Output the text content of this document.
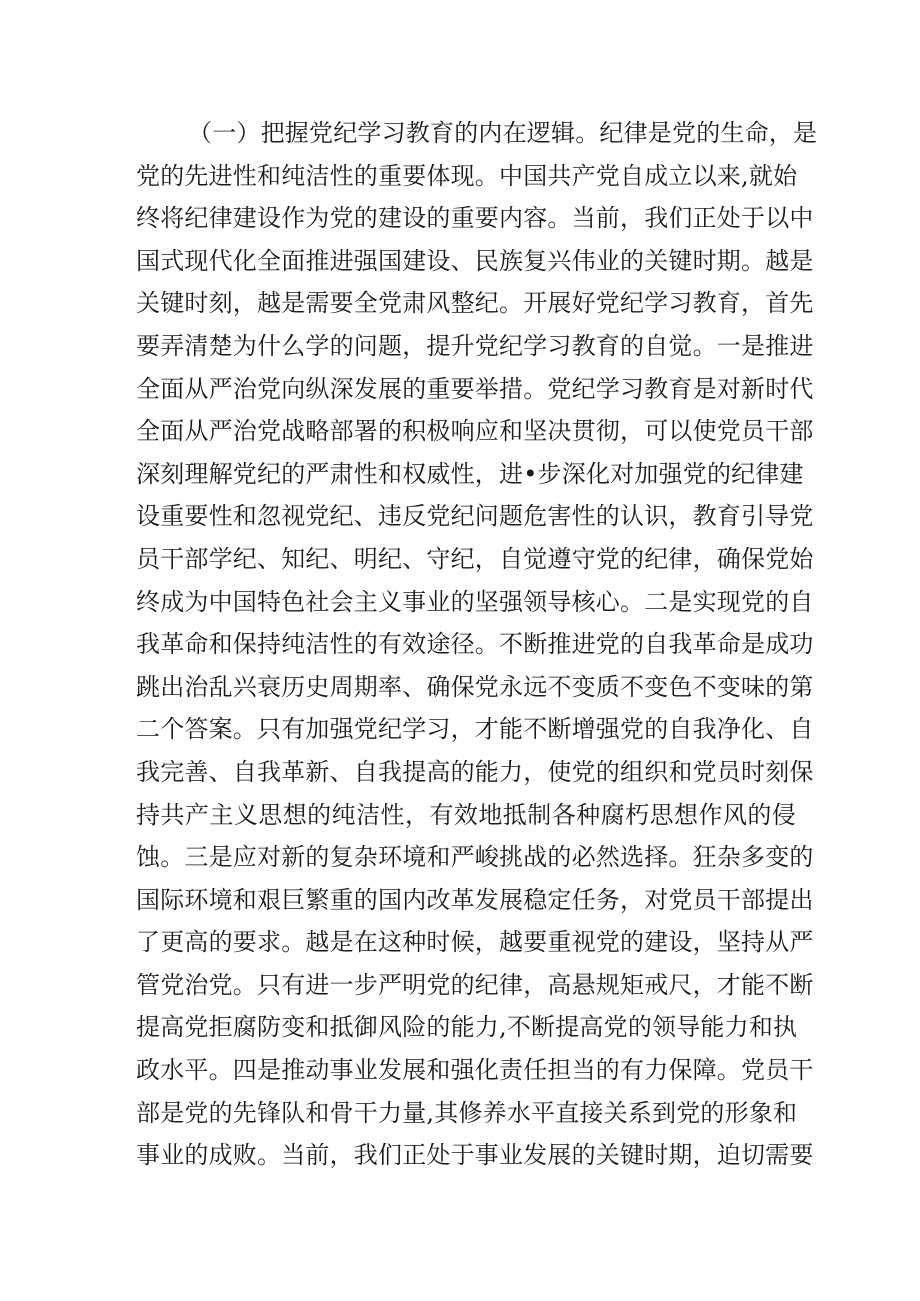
（一）把握党纪学习教育的内在逻辑。纪律是党的生命，是
党的先进性和纯洁性的重要体现。中国共产党自成立以来,就始
终将纪律建设作为党的建设的重要内容。当前，我们正处于以中
国式现代化全面推进强国建设、民族复兴伟业的关键时期。越是
关键时刻，越是需要全党肃风整纪。开展好党纪学习教育，首先
要弄清楚为什么学的问题，提升党纪学习教育的自觉。一是推进
全面从严治党向纵深发展的重要举措。党纪学习教育是对新时代
全面从严治党战略部署的积极响应和坚决贯彻，可以使党员干部
深刻理解党纪的严肃性和权威性，进•步深化对加强党的纪律建
设重要性和忽视党纪、违反党纪问题危害性的认识，教育引导党
员干部学纪、知纪、明纪、守纪，自觉遵守党的纪律，确保党始
终成为中国特色社会主义事业的坚强领导核心。二是实现党的自
我革命和保持纯洁性的有效途径。不断推进党的自我革命是成功
跳出治乱兴衰历史周期率、确保党永远不变质不变色不变味的第
二个答案。只有加强党纪学习，才能不断增强党的自我净化、自
我完善、自我革新、自我提高的能力，使党的组织和党员时刻保
持共产主义思想的纯洁性，有效地抵制各种腐朽思想作风的侵
蚀。三是应对新的复杂环境和严峻挑战的必然选择。狂杂多变的
国际环境和艰巨繁重的国内改革发展稳定任务，对党员干部提出
了更高的要求。越是在这种时候，越要重视党的建设，坚持从严
管党治党。只有进一步严明党的纪律，高悬规矩戒尺，才能不断
提高党拒腐防变和抵御风险的能力,不断提高党的领导能力和执
政水平。四是推动事业发展和强化责任担当的有力保障。党员干
部是党的先锋队和骨干力量,其修养水平直接关系到党的形象和
事业的成败。当前，我们正处于事业发展的关键时期，迫切需要
